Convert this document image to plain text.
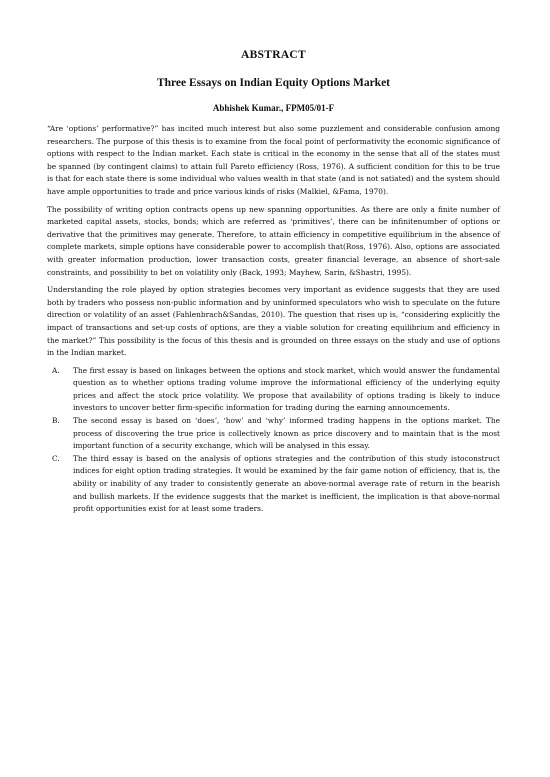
ABSTRACT
Three Essays on Indian Equity Options Market
Abhishek Kumar., FPM05/01-F

“Are ‘options’ performative?” has incited much interest but also some puzzlement and considerable confusion among researchers. The purpose of this thesis is to examine from the focal point of performativity the economic significance of options with respect to the Indian market. Each state is critical in the economy in the sense that all of the states must be spanned (by contingent claims) to attain full Pareto efficiency (Ross, 1976). A sufficient condition for this to be true is that for each state there is some individual who values wealth in that state (and is not satiated) and the system should have ample opportunities to trade and price various kinds of risks (Malkiel, &Fama, 1970).

The possibility of writing option contracts opens up new spanning opportunities. As there are only a finite number of marketed capital assets, stocks, bonds; which are referred as ‘primitives’, there can be infinitenumber of options or derivative that the primitives may generate. Therefore, to attain efficiency in competitive equilibrium in the absence of complete markets, simple options have considerable power to accomplish that(Ross, 1976). Also, options are associated with greater information production, lower transaction costs, greater financial leverage, an absence of short-sale constraints, and possibility to bet on volatility only (Back, 1993; Mayhew, Sarin, &Shastri, 1995).

Understanding the role played by option strategies becomes very important as evidence suggests that they are used both by traders who possess non-public information and by uninformed speculators who wish to speculate on the future direction or volatility of an asset (Fahlenbrach&Sandas, 2010). The question that rises up is, “considering explicitly the impact of transactions and set-up costs of options, are they a viable solution for creating equilibrium and efficiency in the market?” This possibility is the focus of this thesis and is grounded on three essays on the study and use of options in the Indian market.

A.	The first essay is based on linkages between the options and stock market, which would answer the fundamental question as to whether options trading volume improve the informational efficiency of the underlying equity prices and affect the stock price volatility. We propose that availability of options trading is likely to induce investors to uncover better firm-specific information for trading during the earning announcements.
B.	The second essay is based on ‘does’, ‘how’ and ‘why’ informed trading happens in the options market. The process of discovering the true price is collectively known as price discovery and to maintain that is the most important function of a security exchange, which will be analysed in this essay.
C.	The third essay is based on the analysis of options strategies and the contribution of this study istoconstruct indices for eight option trading strategies. It would be examined by the fair game notion of efficiency, that is, the ability or inability of any trader to consistently generate an above-normal average rate of return in the bearish and bullish markets. If the evidence suggests that the market is inefficient, the implication is that above-normal profit opportunities exist for at least some traders.
